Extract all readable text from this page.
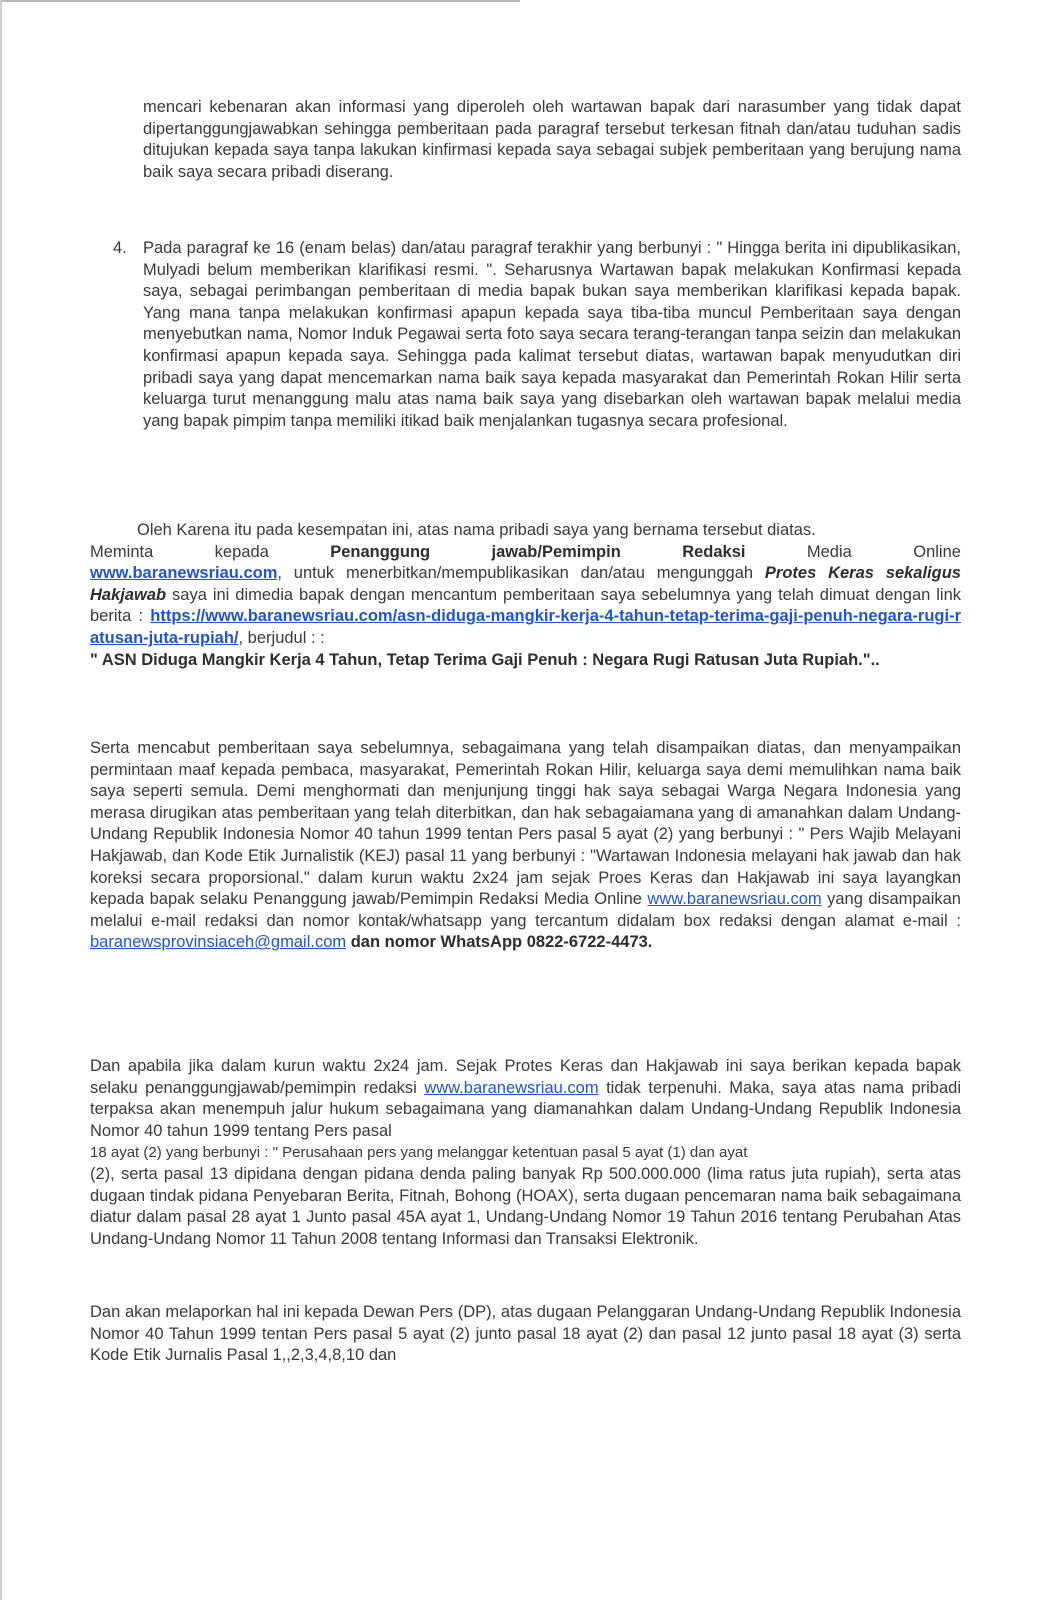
mencari kebenaran akan informasi yang diperoleh oleh wartawan bapak dari narasumber yang tidak dapat dipertanggungjawabkan sehingga pemberitaan pada paragraf tersebut terkesan fitnah dan/atau tuduhan sadis ditujukan kepada saya tanpa lakukan kinfirmasi kepada saya sebagai subjek pemberitaan yang berujung nama baik saya secara pribadi diserang.

4. Pada paragraf ke 16 (enam belas) dan/atau paragraf terakhir yang berbunyi : " Hingga berita ini dipublikasikan, Mulyadi belum memberikan klarifikasi resmi. ". Seharusnya Wartawan bapak melakukan Konfirmasi kepada saya, sebagai perimbangan pemberitaan di media bapak bukan saya memberikan klarifikasi kepada bapak. Yang mana tanpa melakukan konfirmasi apapun kepada saya tiba-tiba muncul Pemberitaan saya dengan menyebutkan nama, Nomor Induk Pegawai serta foto saya secara terang-terangan tanpa seizin dan melakukan konfirmasi apapun kepada saya. Sehingga pada kalimat tersebut diatas, wartawan bapak menyudutkan diri pribadi saya yang dapat mencemarkan nama baik saya kepada masyarakat dan Pemerintah Rokan Hilir serta keluarga turut menanggung malu atas nama baik saya yang disebarkan oleh wartawan bapak melalui media yang bapak pimpim tanpa memiliki itikad baik menjalankan tugasnya secara profesional.

Oleh Karena itu pada kesempatan ini, atas nama pribadi saya yang bernama tersebut diatas.

Meminta	kepada	Penanggung	jawab/Pemimpin	Redaksi	Media	Online

www.baranewsriau.com, untuk menerbitkan/mempublikasikan dan/atau mengunggah Protes Keras sekaligus Hakjawab saya ini dimedia bapak dengan mencantum pemberitaan saya sebelumnya yang telah dimuat dengan link berita : https://www.baranewsriau.com/asn-diduga-mangkir-kerja-4-tahun-tetap-terima-gaji-penuh-negara-rugi-ratusan-juta-rupiah/, berjudul : :

" ASN Diduga Mangkir Kerja 4 Tahun, Tetap Terima Gaji Penuh : Negara Rugi Ratusan Juta Rupiah."..

Serta mencabut pemberitaan saya sebelumnya, sebagaimana yang telah disampaikan diatas, dan menyampaikan permintaan maaf kepada pembaca, masyarakat, Pemerintah Rokan Hilir, keluarga saya demi memulihkan nama baik saya seperti semula. Demi menghormati dan menjunjung tinggi hak saya sebagai Warga Negara Indonesia yang merasa dirugikan atas pemberitaan yang telah diterbitkan, dan hak sebagaiamana yang di amanahkan dalam Undang-Undang Republik Indonesia Nomor 40 tahun 1999 tentan Pers pasal 5 ayat (2) yang berbunyi : " Pers Wajib Melayani Hakjawab, dan Kode Etik Jurnalistik (KEJ) pasal 11 yang berbunyi : "Wartawan Indonesia melayani hak jawab dan hak koreksi secara proporsional." dalam kurun waktu 2x24 jam sejak Proes Keras dan Hakjawab ini saya layangkan kepada bapak selaku Penanggung jawab/Pemimpin Redaksi Media Online www.baranewsriau.com yang disampaikan melalui e-mail redaksi dan nomor kontak/whatsapp yang tercantum didalam box redaksi dengan alamat e-mail : baranewsprovinsiaceh@gmail.com dan nomor WhatsApp 0822-6722-4473.

Dan apabila jika dalam kurun waktu 2x24 jam. Sejak Protes Keras dan Hakjawab ini saya berikan kepada bapak selaku penanggungjawab/pemimpin redaksi www.baranewsriau.com tidak terpenuhi. Maka, saya atas nama pribadi terpaksa akan menempuh jalur hukum sebagaimana yang diamanahkan dalam Undang-Undang Republik Indonesia Nomor 40 tahun 1999 tentang Pers pasal

18 ayat (2) yang berbunyi : " Perusahaan pers yang melanggar ketentuan pasal 5 ayat (1) dan ayat

(2), serta pasal 13 dipidana dengan pidana denda paling banyak Rp 500.000.000 (lima ratus juta rupiah), serta atas dugaan tindak pidana Penyebaran Berita, Fitnah, Bohong (HOAX), serta dugaan pencemaran nama baik sebagaimana diatur dalam pasal 28 ayat 1 Junto pasal 45A ayat 1, Undang-Undang Nomor 19 Tahun 2016 tentang Perubahan Atas Undang-Undang Nomor 11 Tahun 2008 tentang Informasi dan Transaksi Elektronik.

Dan akan melaporkan hal ini kepada Dewan Pers (DP), atas dugaan Pelanggaran Undang-Undang Republik Indonesia Nomor 40 Tahun 1999 tentan Pers pasal 5 ayat (2) junto pasal 18 ayat (2) dan pasal 12 junto pasal 18 ayat (3) serta Kode Etik Jurnalis Pasal 1,,2,3,4,8,10 dan
